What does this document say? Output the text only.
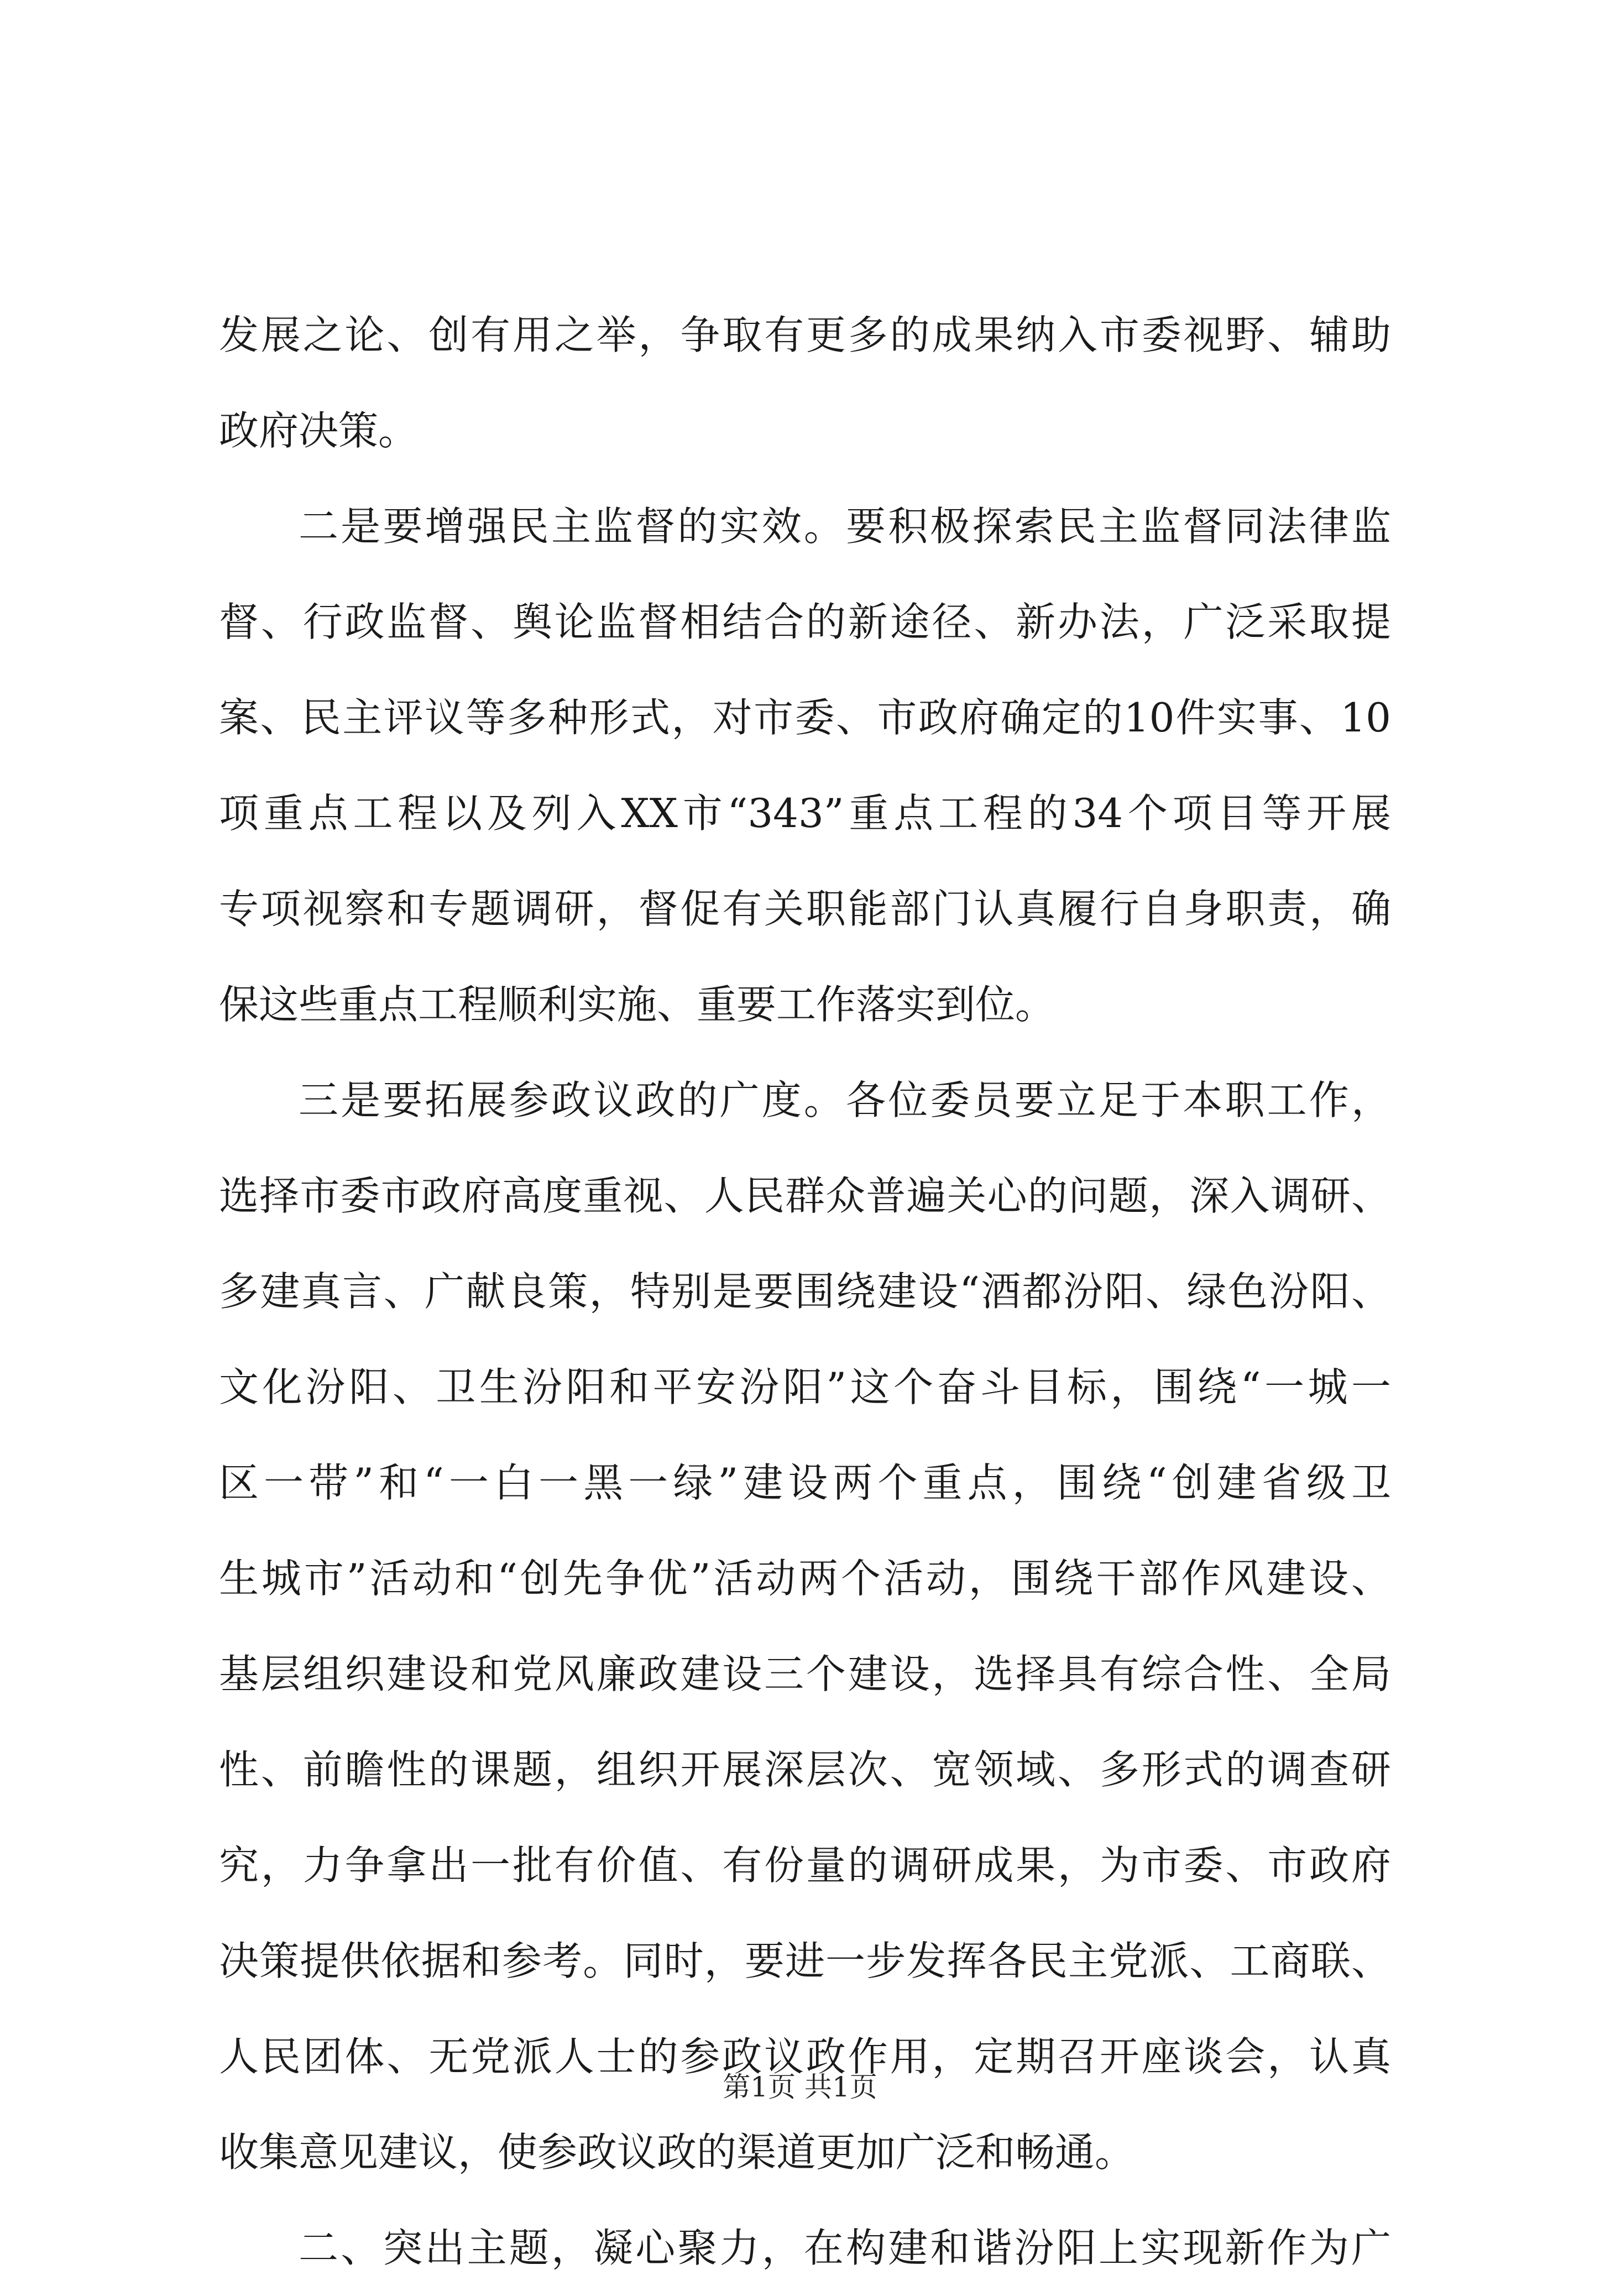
发展之论、创有用之举，争取有更多的成果纳入市委视野、辅助
政府决策。
二是要增强民主监督的实效。要积极探索民主监督同法律监
督、行政监督、舆论监督相结合的新途径、新办法，广泛采取提
案、民主评议等多种形式，对市委、市政府确定的10件实事、10
项重点工程以及列入XX市“343”重点工程的34个项目等开展
专项视察和专题调研，督促有关职能部门认真履行自身职责，确
保这些重点工程顺利实施、重要工作落实到位。
三是要拓展参政议政的广度。各位委员要立足于本职工作，
选择市委市政府高度重视、人民群众普遍关心的问题，深入调研、
多建真言、广献良策，特别是要围绕建设“酒都汾阳、绿色汾阳、
文化汾阳、卫生汾阳和平安汾阳”这个奋斗目标，围绕“一城一
区一带”和“一白一黑一绿”建设两个重点，围绕“创建省级卫
生城市”活动和“创先争优”活动两个活动，围绕干部作风建设、
基层组织建设和党风廉政建设三个建设，选择具有综合性、全局
性、前瞻性的课题，组织开展深层次、宽领域、多形式的调查研
究，力争拿出一批有价值、有份量的调研成果，为市委、市政府
决策提供依据和参考。同时，要进一步发挥各民主党派、工商联、
人民团体、无党派人士的参政议政作用，定期召开座谈会，认真
收集意见建议，使参政议政的渠道更加广泛和畅通。
二、突出主题，凝心聚力，在构建和谐汾阳上实现新作为广
第1页 共1页
